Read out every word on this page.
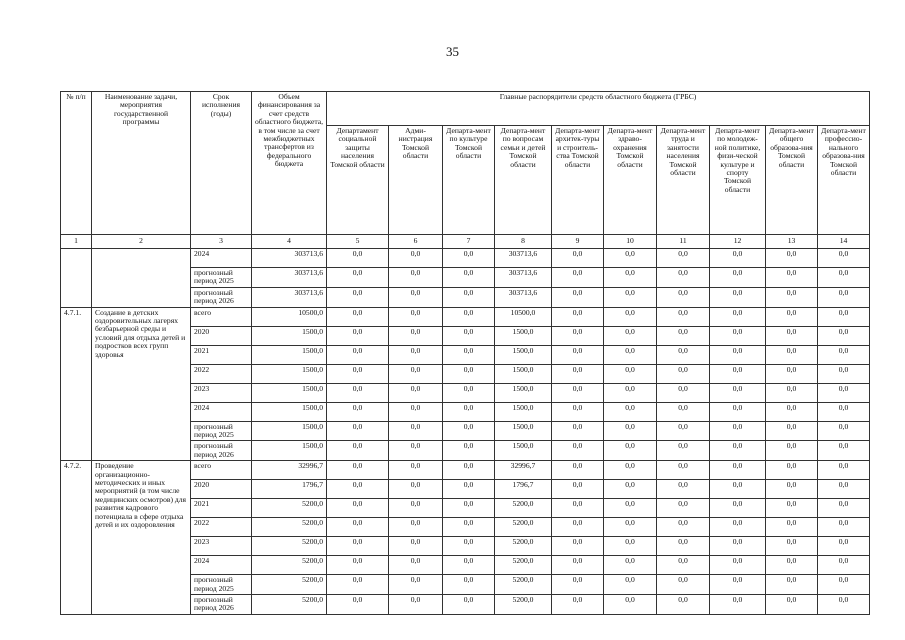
35
№ п/п	Наименование задачи, мероприятия государственной программы	Срок исполнения (годы)	Объем финансирования за счет средств областного бюджета, в том числе за счет межбюджетных трансфертов из федерального бюджета	Главные распорядители средств областного бюджета (ГРБС)									
				Департамент социальной защиты населения Томской области	Адми-нистрация Томской области	Департа-мент по культуре Томской области	Департа-мент по вопросам семьи и детей Томской области	Департа-мент архитек-туры и строитель-ства Томской области	Департа-мент здраво-охранения Томской области	Департа-мент труда и занятости населения Томской области	Департа-мент по молодеж-ной политике, физи-ческой культуре и спорту Томской области	Департа-мент общего образова-ния Томской области	Департа-мент профессио-нального образова-ния Томской области
1	2	3	4	5	6	7	8	9	10	11	12	13	14
		2024	303713,6	0,0	0,0	0,0	303713,6	0,0	0,0	0,0	0,0	0,0	0,0
		прогнозный период 2025	303713,6	0,0	0,0	0,0	303713,6	0,0	0,0	0,0	0,0	0,0	0,0
		прогнозный период 2026	303713,6	0,0	0,0	0,0	303713,6	0,0	0,0	0,0	0,0	0,0	0,0
4.7.1.	Создание в детских оздоровительных лагерях безбарьерной среды и условий для отдыха детей и подростков всех групп здоровья	всего	10500,0	0,0	0,0	0,0	10500,0	0,0	0,0	0,0	0,0	0,0	0,0
		2020	1500,0	0,0	0,0	0,0	1500,0	0,0	0,0	0,0	0,0	0,0	0,0
		2021	1500,0	0,0	0,0	0,0	1500,0	0,0	0,0	0,0	0,0	0,0	0,0
		2022	1500,0	0,0	0,0	0,0	1500,0	0,0	0,0	0,0	0,0	0,0	0,0
		2023	1500,0	0,0	0,0	0,0	1500,0	0,0	0,0	0,0	0,0	0,0	0,0
		2024	1500,0	0,0	0,0	0,0	1500,0	0,0	0,0	0,0	0,0	0,0	0,0
		прогнозный период 2025	1500,0	0,0	0,0	0,0	1500,0	0,0	0,0	0,0	0,0	0,0	0,0
		прогнозный период 2026	1500,0	0,0	0,0	0,0	1500,0	0,0	0,0	0,0	0,0	0,0	0,0
4.7.2.	Проведение организационно-методических и иных мероприятий (в том числе медицинских осмотров) для развития кадрового потенциала в сфере отдыха детей и их оздоровления	всего	32996,7	0,0	0,0	0,0	32996,7	0,0	0,0	0,0	0,0	0,0	0,0
		2020	1796,7	0,0	0,0	0,0	1796,7	0,0	0,0	0,0	0,0	0,0	0,0
		2021	5200,0	0,0	0,0	0,0	5200,0	0,0	0,0	0,0	0,0	0,0	0,0
		2022	5200,0	0,0	0,0	0,0	5200,0	0,0	0,0	0,0	0,0	0,0	0,0
		2023	5200,0	0,0	0,0	0,0	5200,0	0,0	0,0	0,0	0,0	0,0	0,0
		2024	5200,0	0,0	0,0	0,0	5200,0	0,0	0,0	0,0	0,0	0,0	0,0
		прогнозный период 2025	5200,0	0,0	0,0	0,0	5200,0	0,0	0,0	0,0	0,0	0,0	0,0
		прогнозный период 2026	5200,0	0,0	0,0	0,0	5200,0	0,0	0,0	0,0	0,0	0,0	0,0
